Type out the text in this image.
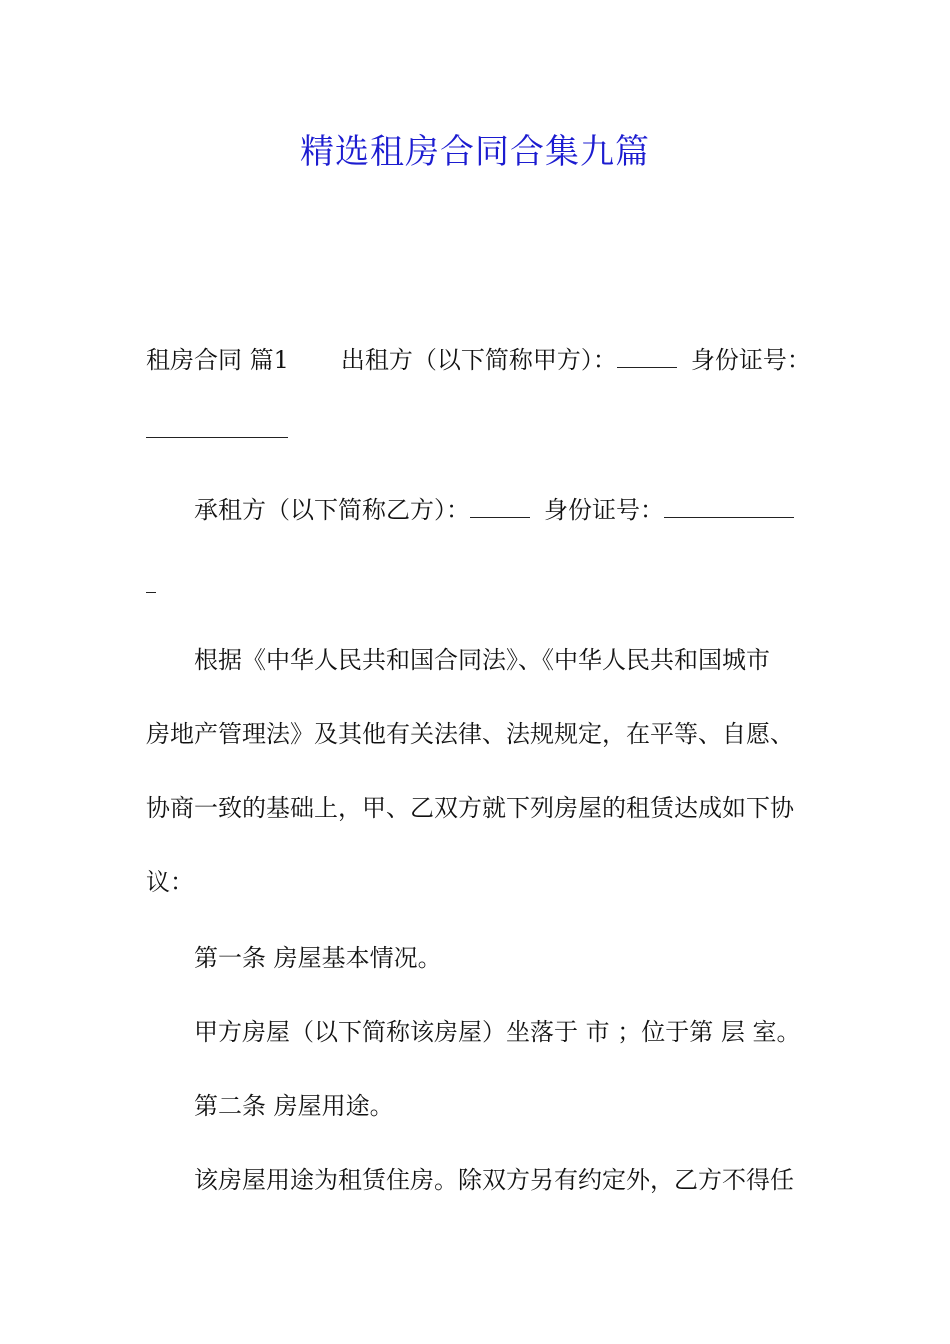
精选租房合同合集九篇
租房合同 篇1 出租方（以下简称甲方）：	身份证号：
承租方（以下简称乙方）：	身份证号：
根据《中华人民共和国合同法》、《中华人民共和国城市
房地产管理法》及其他有关法律、法规规定，在平等、自愿、
协商一致的基础上，甲、乙双方就下列房屋的租赁达成如下协
议：
第一条 房屋基本情况。
甲方房屋（以下简称该房屋）坐落于 市 ；位于第 层 室。
第二条 房屋用途。
该房屋用途为租赁住房。除双方另有约定外，乙方不得任
